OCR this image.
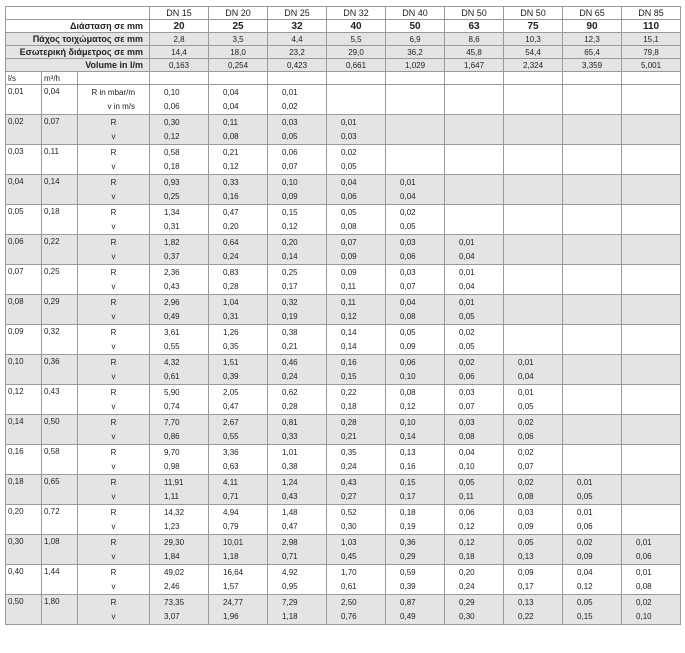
			DN 15	DN 20	DN 25	DN 32	DN 40	DN 50	DN 50	DN 65	DN 85
Διάσταση σε mm			20	25	32	40	50	63	75	90	110
Πάχος τοιχώματος σε mm			2,8	3,5	4,4	5,5	6,9	8,6	10,3	12,3	15,1
Εσωτερική διάμετρος σε mm			14,4	18,0	23,2	29,0	36,2	45,8	54,4	65,4	79,8
Volume in l/m			0,163	0,254	0,423	0,661	1,029	1,647	2,324	3,359	5,001
l/s	m³/h										
0,01	0,04	R in mbar/m	0,10	0,04	0,01						
		v in m/s	0,06	0,04	0,02						
0,02	0,07	R	0,30	0,11	0,03	0,01					
		v	0,12	0,08	0,05	0,03					
0,03	0,11	R	0,58	0,21	0,06	0,02					
		v	0,18	0,12	0,07	0,05					
0,04	0,14	R	0,93	0,33	0,10	0,04	0,01				
		v	0,25	0,16	0,09	0,06	0,04				
0,05	0,18	R	1,34	0,47	0,15	0,05	0,02				
		v	0,31	0,20	0,12	0,08	0,05				
0,06	0,22	R	1,82	0,64	0,20	0,07	0,03	0,01			
		v	0,37	0,24	0,14	0,09	0,06	0,04			
0,07	0,25	R	2,36	0,83	0,25	0,09	0,03	0,01			
		v	0,43	0,28	0,17	0,11	0,07	0,04			
0,08	0,29	R	2,96	1,04	0,32	0,11	0,04	0,01			
		v	0,49	0,31	0,19	0,12	0,08	0,05			
0,09	0,32	R	3,61	1,26	0,38	0,14	0,05	0,02			
		v	0,55	0,35	0,21	0,14	0,09	0,05			
0,10	0,36	R	4,32	1,51	0,46	0,16	0,06	0,02	0,01		
		v	0,61	0,39	0,24	0,15	0,10	0,06	0,04		
0,12	0,43	R	5,90	2,05	0,62	0,22	0,08	0,03	0,01		
		v	0,74	0,47	0,28	0,18	0,12	0,07	0,05		
0,14	0,50	R	7,70	2,67	0,81	0,28	0,10	0,03	0,02		
		v	0,86	0,55	0,33	0,21	0,14	0,08	0,06		
0,16	0,58	R	9,70	3,36	1,01	0,35	0,13	0,04	0,02		
		v	0,98	0,63	0,38	0,24	0,16	0,10	0,07		
0,18	0,65	R	11,91	4,11	1,24	0,43	0,15	0,05	0,02	0,01	
		v	1,11	0,71	0,43	0,27	0,17	0,11	0,08	0,05	
0,20	0,72	R	14,32	4,94	1,48	0,52	0,18	0,06	0,03	0,01	
		v	1,23	0,79	0,47	0,30	0,19	0,12	0,09	0,06	
0,30	1,08	R	29,30	10,01	2,98	1,03	0,36	0,12	0,05	0,02	0,01
		v	1,84	1,18	0,71	0,45	0,29	0,18	0,13	0,09	0,06
0,40	1,44	R	49,02	16,64	4,92	1,70	0,59	0,20	0,09	0,04	0,01
		v	2,46	1,57	0,95	0,61	0,39	0,24	0,17	0,12	0,08
0,50	1,80	R	73,35	24,77	7,29	2,50	0,87	0,29	0,13	0,05	0,02
		v	3,07	1,96	1,18	0,76	0,49	0,30	0,22	0,15	0,10
